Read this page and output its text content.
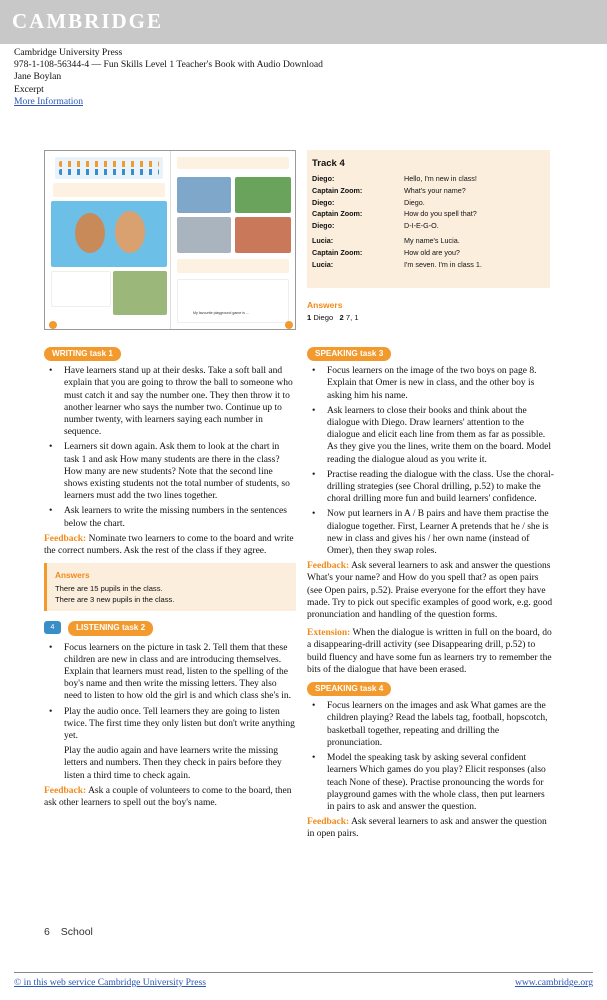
CAMBRIDGE
Cambridge University Press
978-1-108-56344-4 — Fun Skills Level 1 Teacher's Book with Audio Download
Jane Boylan
Excerpt
More Information
My favourite playground game is ...
Track 4
Diego:	Hello, I'm new in class!
Captain Zoom:	What's your name?
Diego:	Diego.
Captain Zoom:	How do you spell that?
Diego:	D-I-E-G-O.
Lucia:	My name's Lucia.
Captain Zoom:	How old are you?
Lucia:	I'm seven. I'm in class 1.
Answers

1 Diego 2 7, 1

WRITING task 1
• Have learners stand up at their desks. Take a soft ball and explain that you are going to throw the ball to someone who must catch it and say the number one. They then throw it to another learner who says the number two. Continue up to number twenty, with learners saying each number in sequence.
• Learners sit down again. Ask them to look at the chart in task 1 and ask How many students are there in the class? How many are new students? Note that the second line shows existing students not the total number of students, so learners must add the two lines together.
• Ask learners to write the missing numbers in the sentences below the chart.

Feedback: Nominate two learners to come to the board and write the correct numbers. Ask the rest of the class if they agree.

Answers

There are 15 pupils in the class.

There are 3 new pupils in the class.

4	LISTENING task 2
• Focus learners on the picture in task 2. Tell them that these children are new in class and are introducing themselves. Explain that learners must read, listen to the spelling of the boy's name and then write the missing letters. They also need to listen to how old the girl is and which class she's in.
• Play the audio once. Tell learners they are going to listen twice. The first time they only listen but don't write anything yet.

Play the audio again and have learners write the missing letters and numbers. Then they check in pairs before they listen a third time to check again.

Feedback: Ask a couple of volunteers to come to the board, then ask other learners to spell out the boy's name.

SPEAKING task 3
• Focus learners on the image of the two boys on page 8. Explain that Omer is new in class, and the other boy is asking him his name.
• Ask learners to close their books and think about the dialogue with Diego. Draw learners' attention to the dialogue and elicit each line from them as far as possible. As they give you the lines, write them on the board. Model reading the dialogue aloud as you write it.
• Practise reading the dialogue with the class. Use the choral-drilling strategies (see Choral drilling, p.52) to make the choral drilling more fun and build learners' confidence.
• Now put learners in A / B pairs and have them practise the dialogue together. First, Learner A pretends that he / she is new in class and gives his / her own name (instead of Omer), then they swap roles.

Feedback: Ask several learners to ask and answer the questions What's your name? and How do you spell that? as open pairs (see Open pairs, p.52). Praise everyone for the effort they have made. Try to pick out specific examples of good work, e.g. good pronunciation and handling of the question forms.

Extension: When the dialogue is written in full on the board, do a disappearing-drill activity (see Disappearing drill, p.52) to build fluency and have some fun as learners try to remember the bits of the dialogue that have been erased.

SPEAKING task 4
• Focus learners on the images and ask What games are the children playing? Read the labels tag, football, hopscotch, basketball together, repeating and drilling the pronunciation.
• Model the speaking task by asking several confident learners Which games do you play? Elicit responses (also teach None of these). Practise pronouncing the words for playground games with the whole class, then put learners in pairs to ask and answer the question.

Feedback: Ask several learners to ask and answer the question in open pairs.

6 School
© in this web service Cambridge University Press	www.cambridge.org
